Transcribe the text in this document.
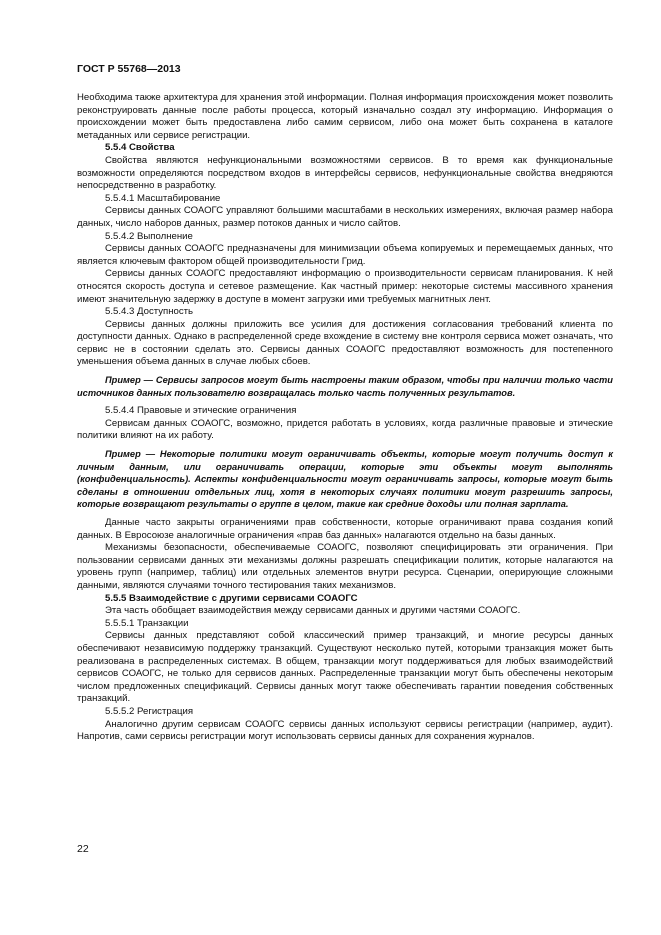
ГОСТ Р 55768—2013

Необходима также архитектура для хранения этой информации. Полная информация происхождения может позволить реконструировать данные после работы процесса, который изначально создал эту информацию. Информация о происхождении может быть предоставлена либо самим сервисом, либо она может быть сохранена в каталоге метаданных или сервисе регистрации.

5.5.4 Свойства

Свойства являются нефункциональными возможностями сервисов. В то время как функциональные возможности определяются посредством входов в интерфейсы сервисов, нефункциональные свойства внедряются непосредственно в разработку.

5.5.4.1 Масштабирование

Сервисы данных СОАОГС управляют большими масштабами в нескольких измерениях, включая размер набора данных, число наборов данных, размер потоков данных и число сайтов.

5.5.4.2 Выполнение

Сервисы данных СОАОГС предназначены для минимизации объема копируемых и перемещаемых данных, что является ключевым фактором общей производительности Грид.

Сервисы данных СОАОГС предоставляют информацию о производительности сервисам планирования. К ней относятся скорость доступа и сетевое размещение. Как частный пример: некоторые системы массивного хранения имеют значительную задержку в доступе в момент загрузки ими требуемых магнитных лент.

5.5.4.3 Доступность

Сервисы данных должны приложить все усилия для достижения согласования требований клиента по доступности данных. Однако в распределенной среде вхождение в систему вне контроля сервиса может означать, что сервис не в состоянии сделать это. Сервисы данных СОАОГС предоставляют возможность для постепенного уменьшения объема данных в случае любых сбоев.

Пример — Сервисы запросов могут быть настроены таким образом, чтобы при наличии только части источников данных пользователю возвращалась только часть полученных результатов.

5.5.4.4 Правовые и этические ограничения

Сервисам данных СОАОГС, возможно, придется работать в условиях, когда различные правовые и этические политики влияют на их работу.

Пример — Некоторые политики могут ограничивать объекты, которые могут получить доступ к личным данным, или ограничивать операции, которые эти объекты могут выполнять (конфиденциальность). Аспекты конфиденциальности могут ограничивать запросы, которые могут быть сделаны в отношении отдельных лиц, хотя в некоторых случаях политики могут разрешить запросы, которые возвращают результаты о группе в целом, такие как средние доходы или полная зарплата.

Данные часто закрыты ограничениями прав собственности, которые ограничивают права создания копий данных. В Евросоюзе аналогичные ограничения «прав баз данных» налагаются отдельно на базы данных.

Механизмы безопасности, обеспечиваемые СОАОГС, позволяют специфицировать эти ограничения. При пользовании сервисами данных эти механизмы должны разрешать спецификации политик, которые налагаются на уровень групп (например, таблиц) или отдельных элементов внутри ресурса. Сценарии, оперирующие сложными данными, являются случаями точного тестирования таких механизмов.

5.5.5 Взаимодействие с другими сервисами СОАОГС

Эта часть обобщает взаимодействия между сервисами данных и другими частями СОАОГС.

5.5.5.1 Транзакции

Сервисы данных представляют собой классический пример транзакций, и многие ресурсы данных обеспечивают независимую поддержку транзакций. Существуют несколько путей, которыми транзакция может быть реализована в распределенных системах. В общем, транзакции могут поддерживаться для любых взаимодействий сервисов СОАОГС, не только для сервисов данных. Распределенные транзакции могут быть обеспечены некоторым числом предложенных спецификаций. Сервисы данных могут также обеспечивать гарантии поведения собственных транзакций.

5.5.5.2 Регистрация

Аналогично другим сервисам СОАОГС сервисы данных используют сервисы регистрации (например, аудит). Напротив, сами сервисы регистрации могут использовать сервисы данных для сохранения журналов.

22
